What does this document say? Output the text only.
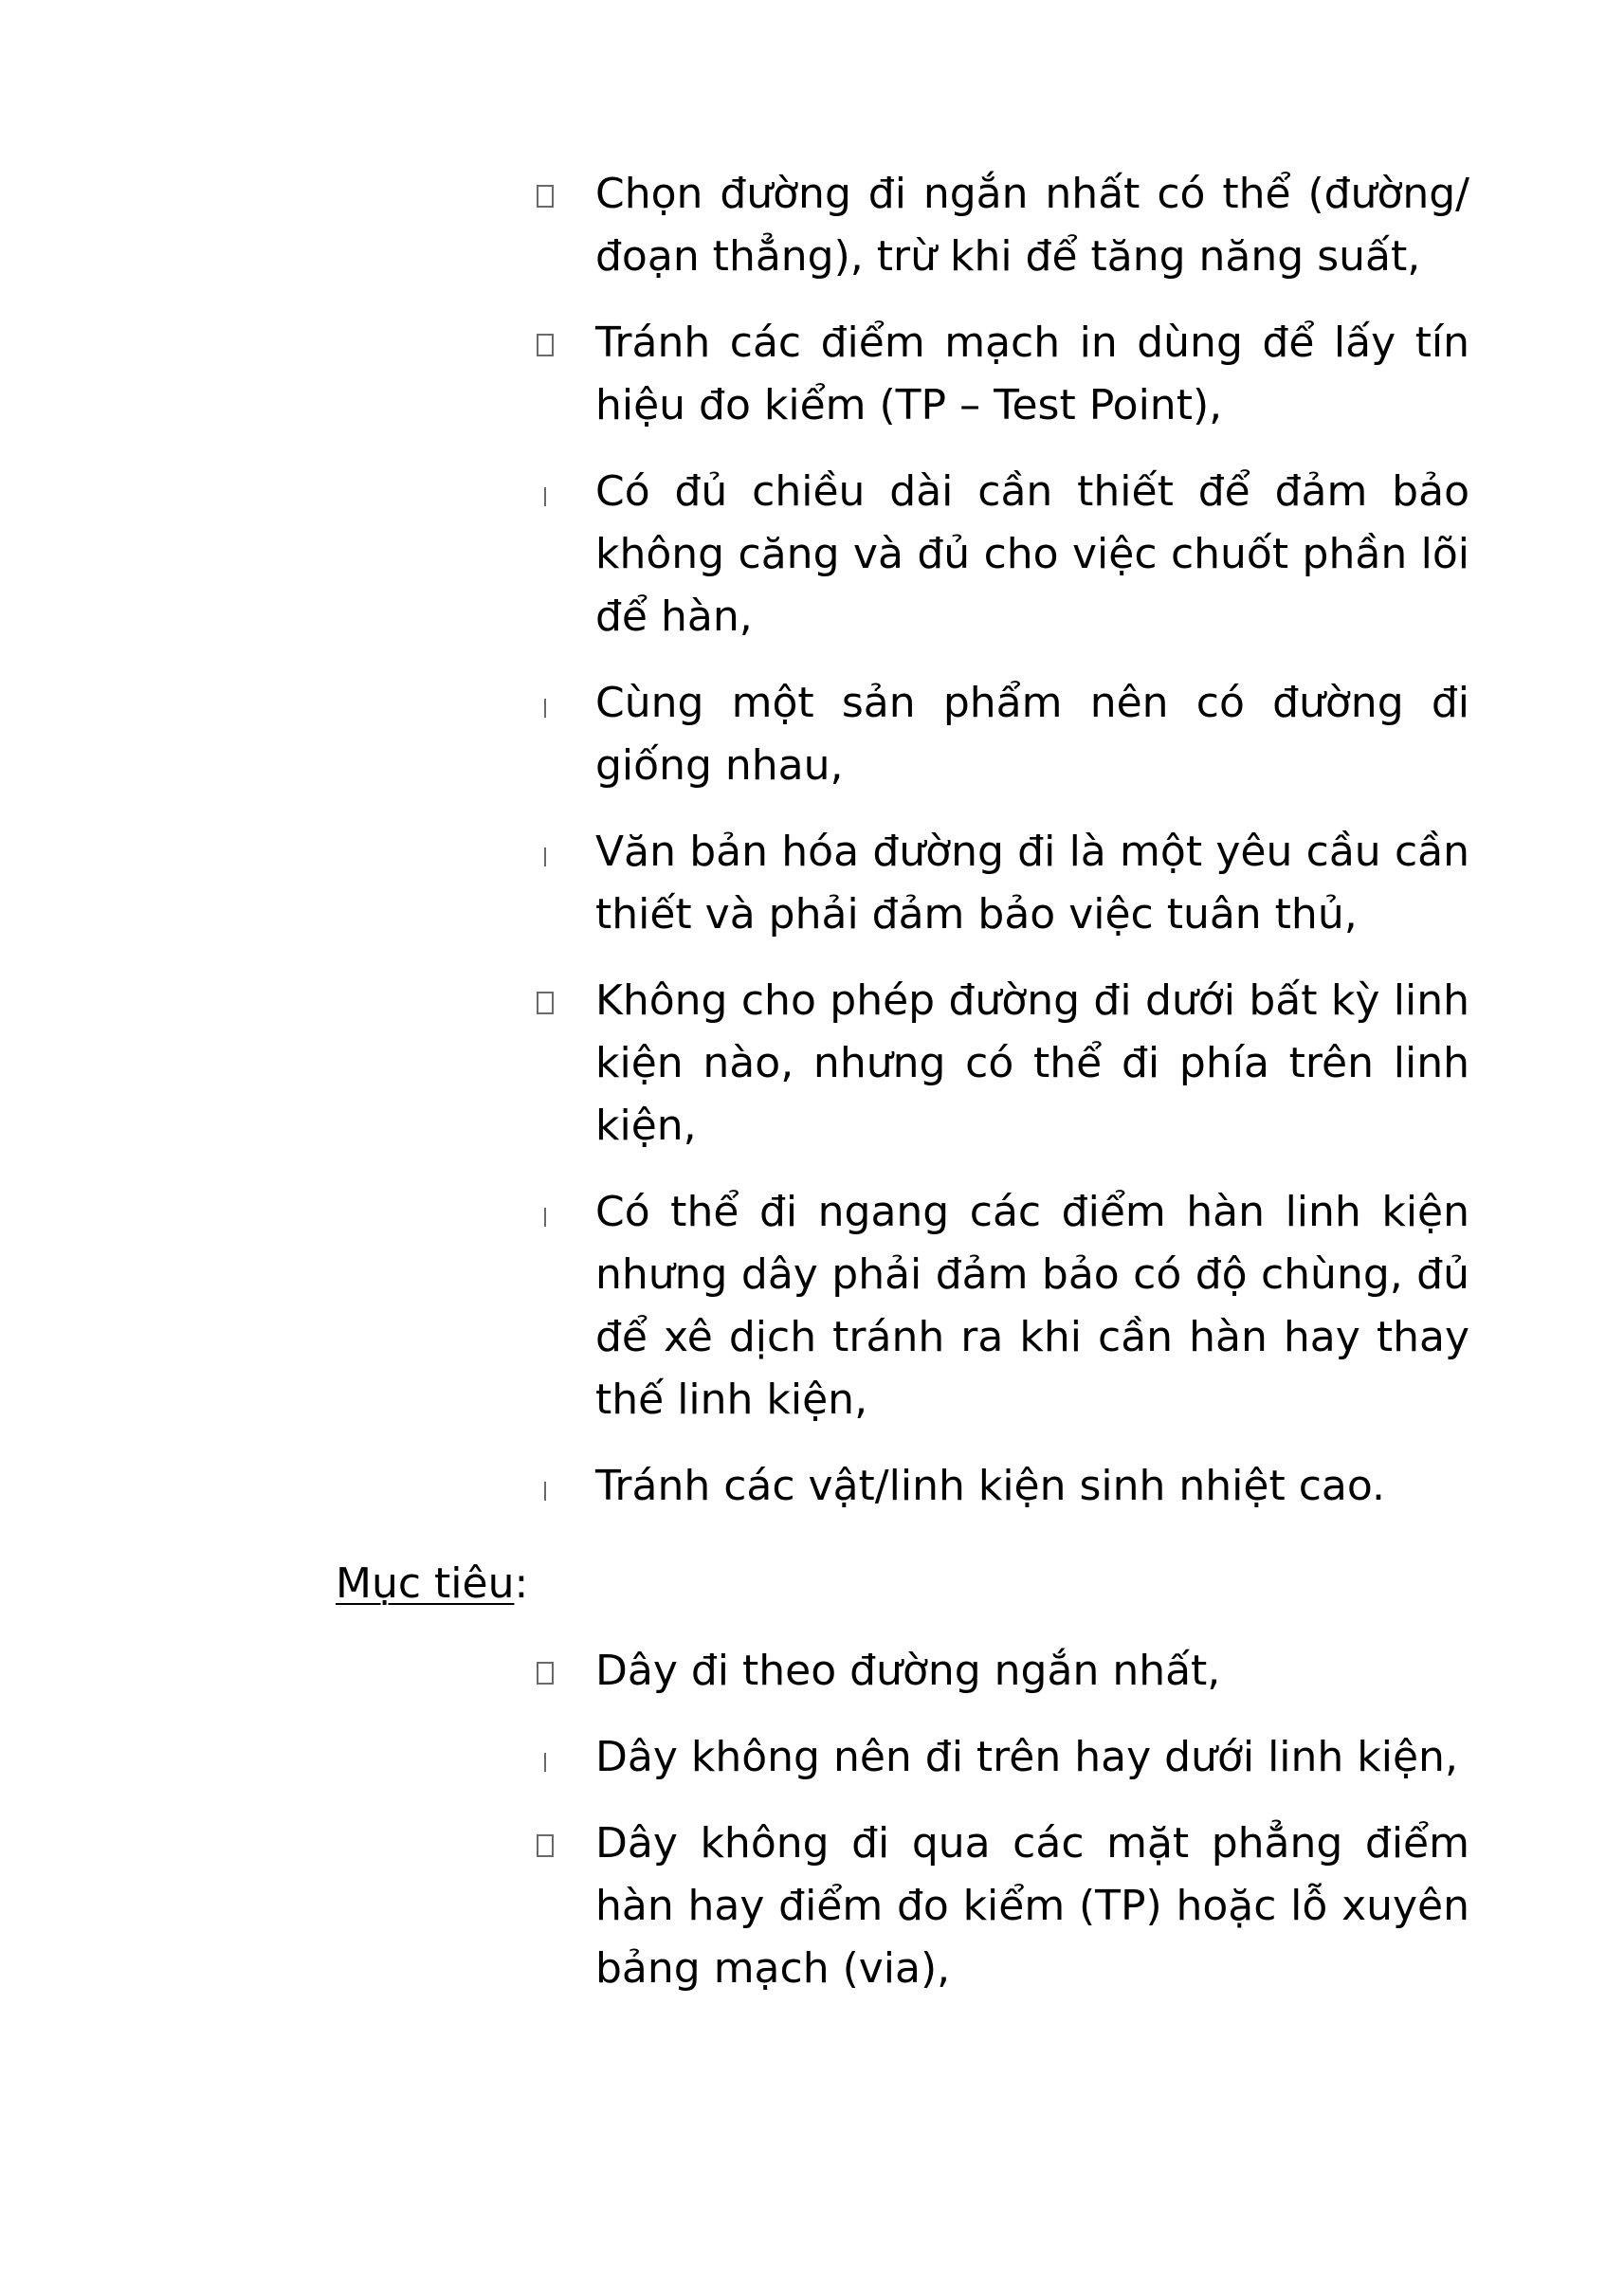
Chọn đường đi ngắn nhất có thể (đường/đoạn thẳng), trừ khi để tăng năng suất,
Tránh các điểm mạch in dùng để lấy tín hiệu đo kiểm (TP – Test Point),
Có đủ chiều dài cần thiết để đảm bảo không căng và đủ cho việc chuốt phần lõi để hàn,
Cùng một sản phẩm nên có đường đi giống nhau,
Văn bản hóa đường đi là một yêu cầu cần thiết và phải đảm bảo việc tuân thủ,
Không cho phép đường đi dưới bất kỳ linh kiện nào, nhưng có thể đi phía trên linh kiện,
Có thể đi ngang các điểm hàn linh kiện nhưng dây phải đảm bảo có độ chùng, đủ để xê dịch tránh ra khi cần hàn hay thay thế linh kiện,
Tránh các vật/linh kiện sinh nhiệt cao.
Mục tiêu:
Dây đi theo đường ngắn nhất,
Dây không nên đi trên hay dưới linh kiện,
Dây không đi qua các mặt phẳng điểm hàn hay điểm đo kiểm (TP) hoặc lỗ xuyên bảng mạch (via),
